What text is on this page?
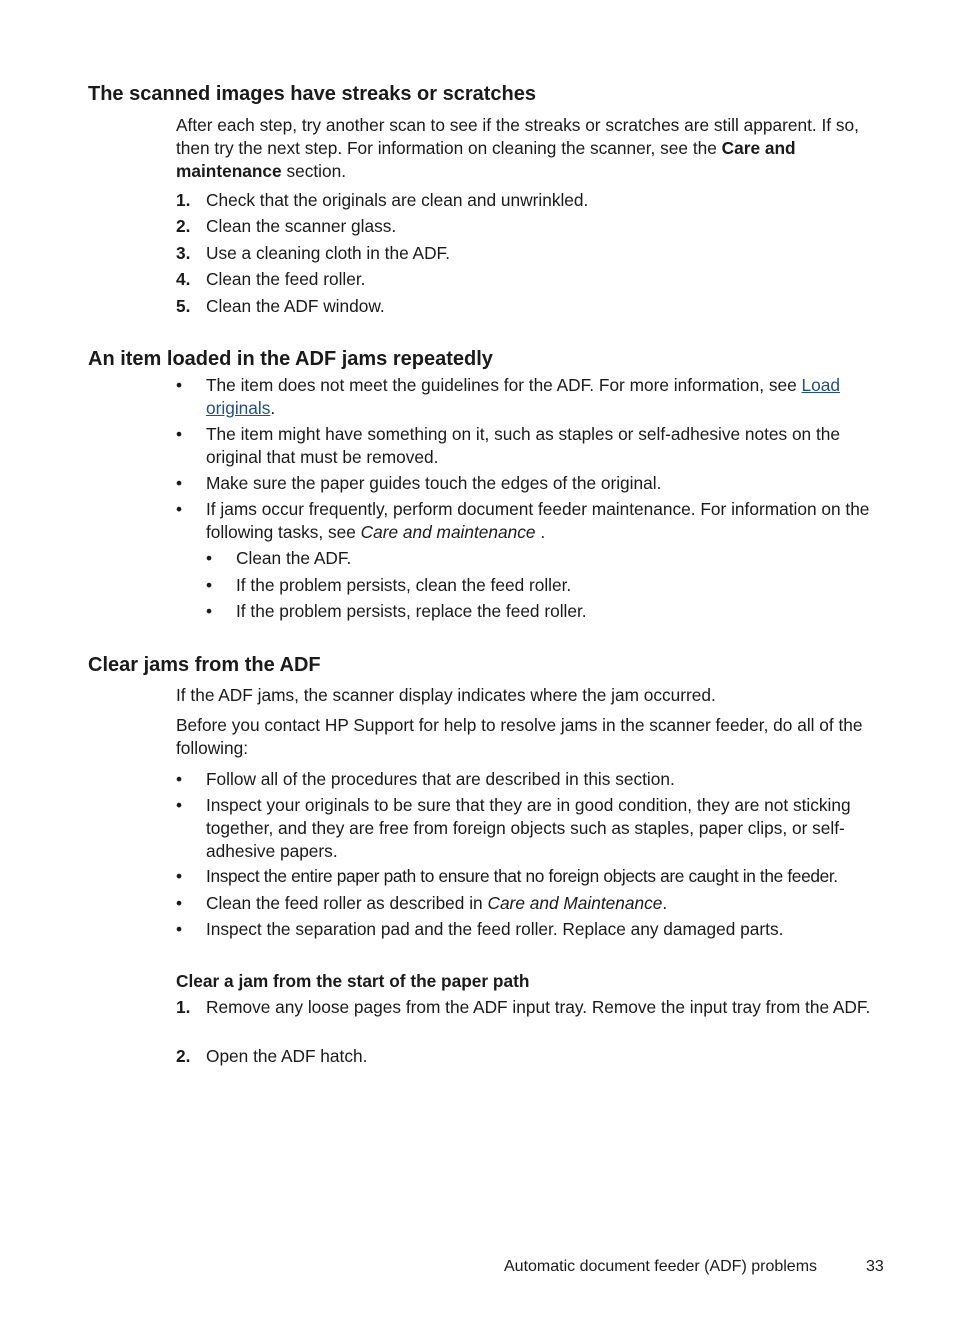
The scanned images have streaks or scratches

After each step, try another scan to see if the streaks or scratches are still apparent. If so, then try the next step. For information on cleaning the scanner, see the Care and maintenance section.

1. Check that the originals are clean and unwrinkled.
2. Clean the scanner glass.
3. Use a cleaning cloth in the ADF.
4. Clean the feed roller.
5. Clean the ADF window.
An item loaded in the ADF jams repeatedly
• The item does not meet the guidelines for the ADF. For more information, see Load originals.
• The item might have something on it, such as staples or self-adhesive notes on the original that must be removed.
• Make sure the paper guides touch the edges of the original.
• If jams occur frequently, perform document feeder maintenance. For information on the following tasks, see Care and maintenance .
• Clean the ADF.
• If the problem persists, clean the feed roller.
• If the problem persists, replace the feed roller.
Clear jams from the ADF

If the ADF jams, the scanner display indicates where the jam occurred.

Before you contact HP Support for help to resolve jams in the scanner feeder, do all of the following:

• Follow all of the procedures that are described in this section.
• Inspect your originals to be sure that they are in good condition, they are not sticking together, and they are free from foreign objects such as staples, paper clips, or self-adhesive papers.
• Inspect the entire paper path to ensure that no foreign objects are caught in the feeder.
• Clean the feed roller as described in Care and Maintenance.
• Inspect the separation pad and the feed roller. Replace any damaged parts.
Clear a jam from the start of the paper path
1. Remove any loose pages from the ADF input tray. Remove the input tray from the ADF.
2. Open the ADF hatch.
Automatic document feeder (ADF) problems	33
